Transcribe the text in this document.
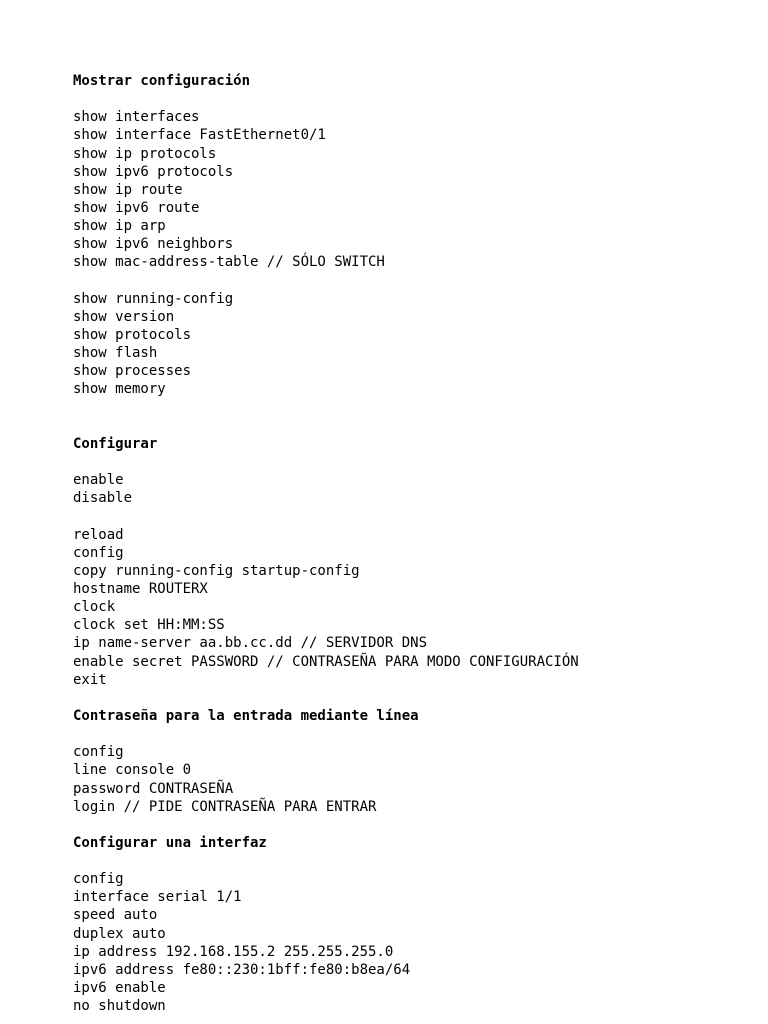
Mostrar configuración
show interfaces
show interface FastEthernet0/1
show ip protocols
show ipv6 protocols
show ip route
show ipv6 route
show ip arp
show ipv6 neighbors
show mac-address-table // SÓLO SWITCH
show running-config
show version
show protocols
show flash
show processes
show memory
Configurar
enable
disable
reload
config
copy running-config startup-config
hostname ROUTERX
clock
clock set HH:MM:SS
ip name-server aa.bb.cc.dd // SERVIDOR DNS
enable secret PASSWORD // CONTRASEÑA PARA MODO CONFIGURACIÓN
exit
Contraseña para la entrada mediante línea
config
line console 0
password CONTRASEÑA
login // PIDE CONTRASEÑA PARA ENTRAR
Configurar una interfaz
config
interface serial 1/1
speed auto
duplex auto
ip address 192.168.155.2 255.255.255.0
ipv6 address fe80::230:1bff:fe80:b8ea/64
ipv6 enable
no shutdown
